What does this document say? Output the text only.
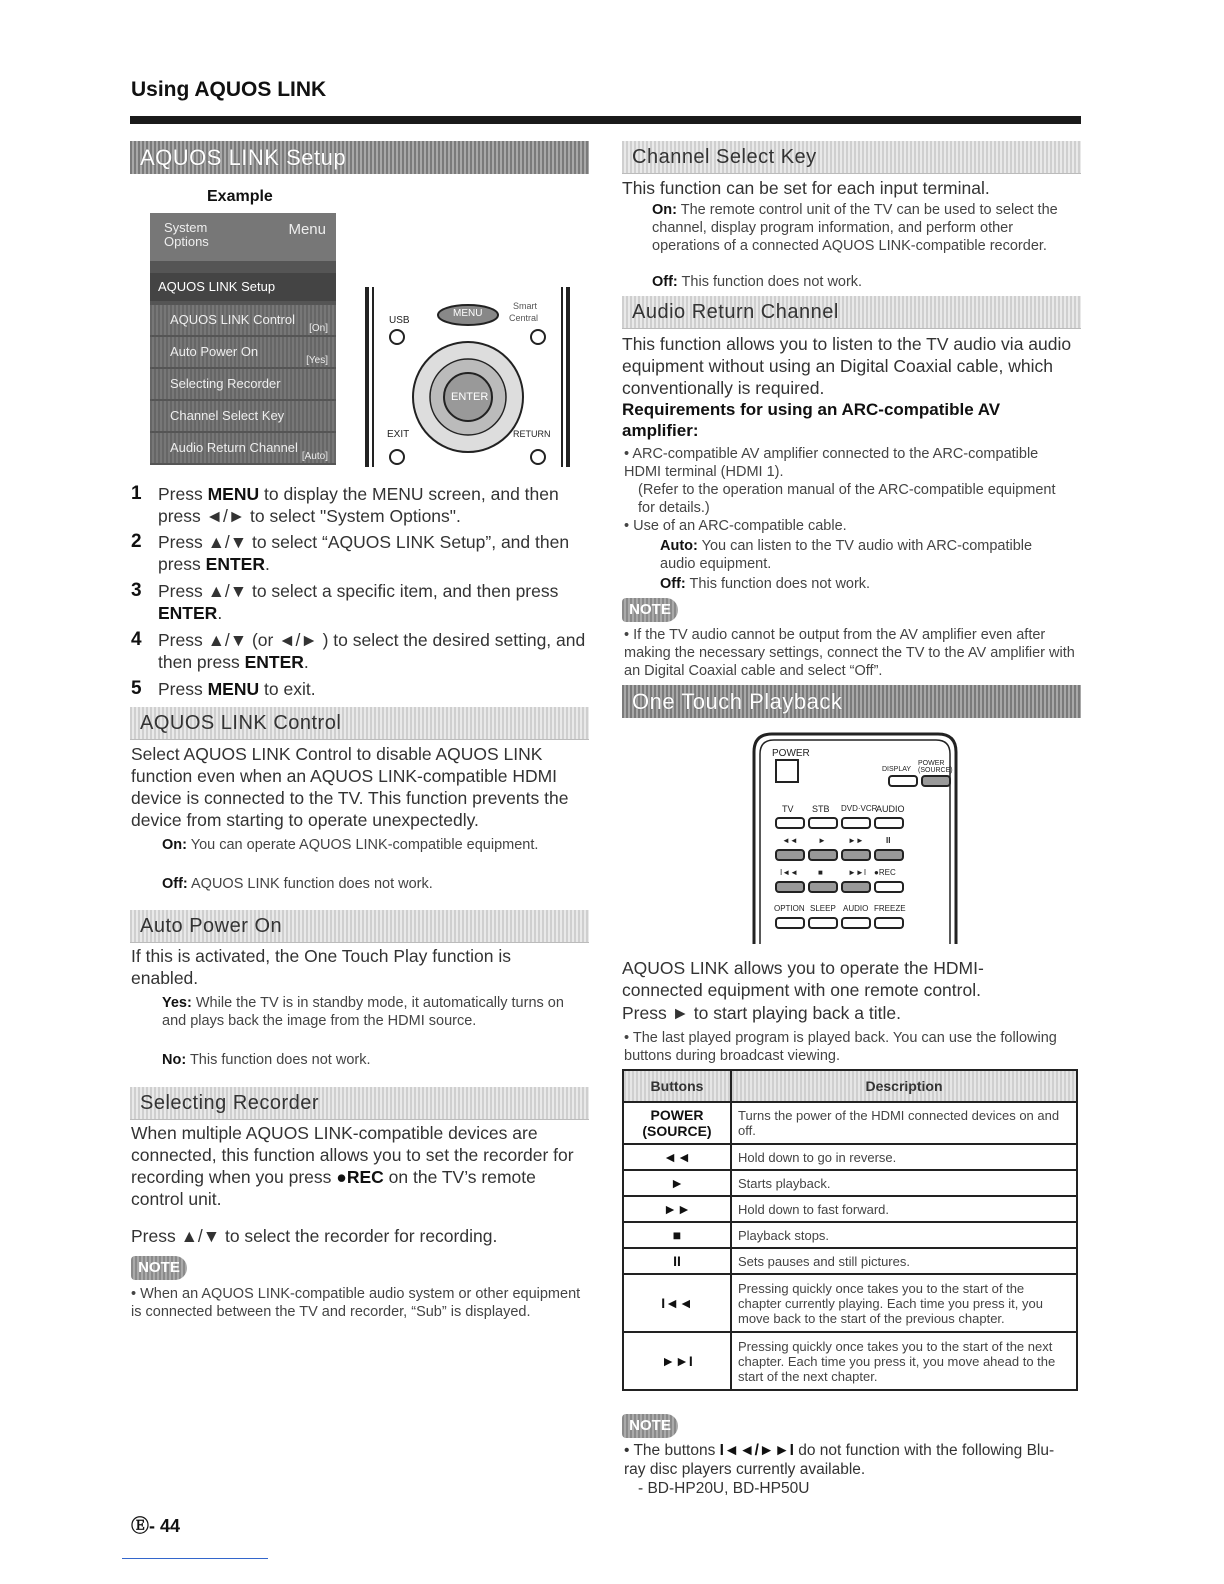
Using AQUOS LINK
AQUOS LINK Setup
Example
System Options
Menu
AQUOS LINK Setup
AQUOS LINK Control
[On]
Auto Power On
[Yes]
Selecting Recorder
Channel Select Key
Audio Return Channel
[Auto]
USB
MENU
Smart
Central
ENTER
EXIT	RETURN
1 Press MENU to display the MENU screen, and then press ◄/► to select "System Options".
2 Press ▲/▼ to select “AQUOS LINK Setup”, and then press ENTER.
3 Press ▲/▼ to select a specific item, and then press ENTER.
4 Press ▲/▼ (or ◄/► ) to select the desired setting, and then press ENTER.
5 Press MENU to exit.
AQUOS LINK Control
Select AQUOS LINK Control to disable AQUOS LINK function even when an AQUOS LINK-compatible HDMI device is connected to the TV. This function prevents the device from starting to operate unexpectedly.
On: You can operate AQUOS LINK-compatible equipment.
Off: AQUOS LINK function does not work.
Auto Power On
If this is activated, the One Touch Play function is enabled.
Yes: While the TV is in standby mode, it automatically turns on and plays back the image from the HDMI source.
No: This function does not work.
Selecting Recorder
When multiple AQUOS LINK-compatible devices are connected, this function allows you to set the recorder for recording when you press ●REC on the TV’s remote control unit.
Press ▲/▼ to select the recorder for recording.
NOTE
• When an AQUOS LINK-compatible audio system or other equipment is connected between the TV and recorder, “Sub” is displayed.
Channel Select Key
This function can be set for each input terminal.
On: The remote control unit of the TV can be used to select the channel, display program information, and perform other operations of a connected AQUOS LINK-compatible recorder.
Off: This function does not work.
Audio Return Channel
This function allows you to listen to the TV audio via audio equipment without using an Digital Coaxial cable, which conventionally is required.
Requirements for using an ARC-compatible AV amplifier:
• ARC-compatible AV amplifier connected to the ARC-compatible HDMI terminal (HDMI 1).
(Refer to the operation manual of the ARC-compatible equipment for details.)
• Use of an ARC-compatible cable.
Auto: You can listen to the TV audio with ARC-compatible audio equipment.
Off: This function does not work.
NOTE
• If the TV audio cannot be output from the AV amplifier even after making the necessary settings, connect the TV to the AV amplifier with an Digital Coaxial cable and select “Off”.
One Touch Playback
POWER
DISPLAY
POWER (SOURCE)
TV STB DVD·VCR
AUDIO
◄◄	►	►►	II
I◄◄ ■	►►I ●REC
OPTION SLEEP AUDIO FREEZE
AQUOS LINK allows you to operate the HDMI-connected equipment with one remote control.
Press ► to start playing back a title.
• The last played program is played back. You can use the following buttons during broadcast viewing.
Buttons	Description
POWER (SOURCE)	Turns the power of the HDMI connected devices on and off.
◄◄	Hold down to go in reverse.
►	Starts playback.
►►	Hold down to fast forward.
■	Playback stops.
II	Sets pauses and still pictures.
I◄◄	Pressing quickly once takes you to the start of the chapter currently playing. Each time you press it, you move back to the start of the previous chapter.
►►I	Pressing quickly once takes you to the start of the next chapter. Each time you press it, you move ahead to the start of the next chapter.
NOTE
• The buttons I◄◄/►►I do not function with the following Blu-ray disc players currently available.
- BD-HP20U, BD-HP50U
Ⓔ- 44
